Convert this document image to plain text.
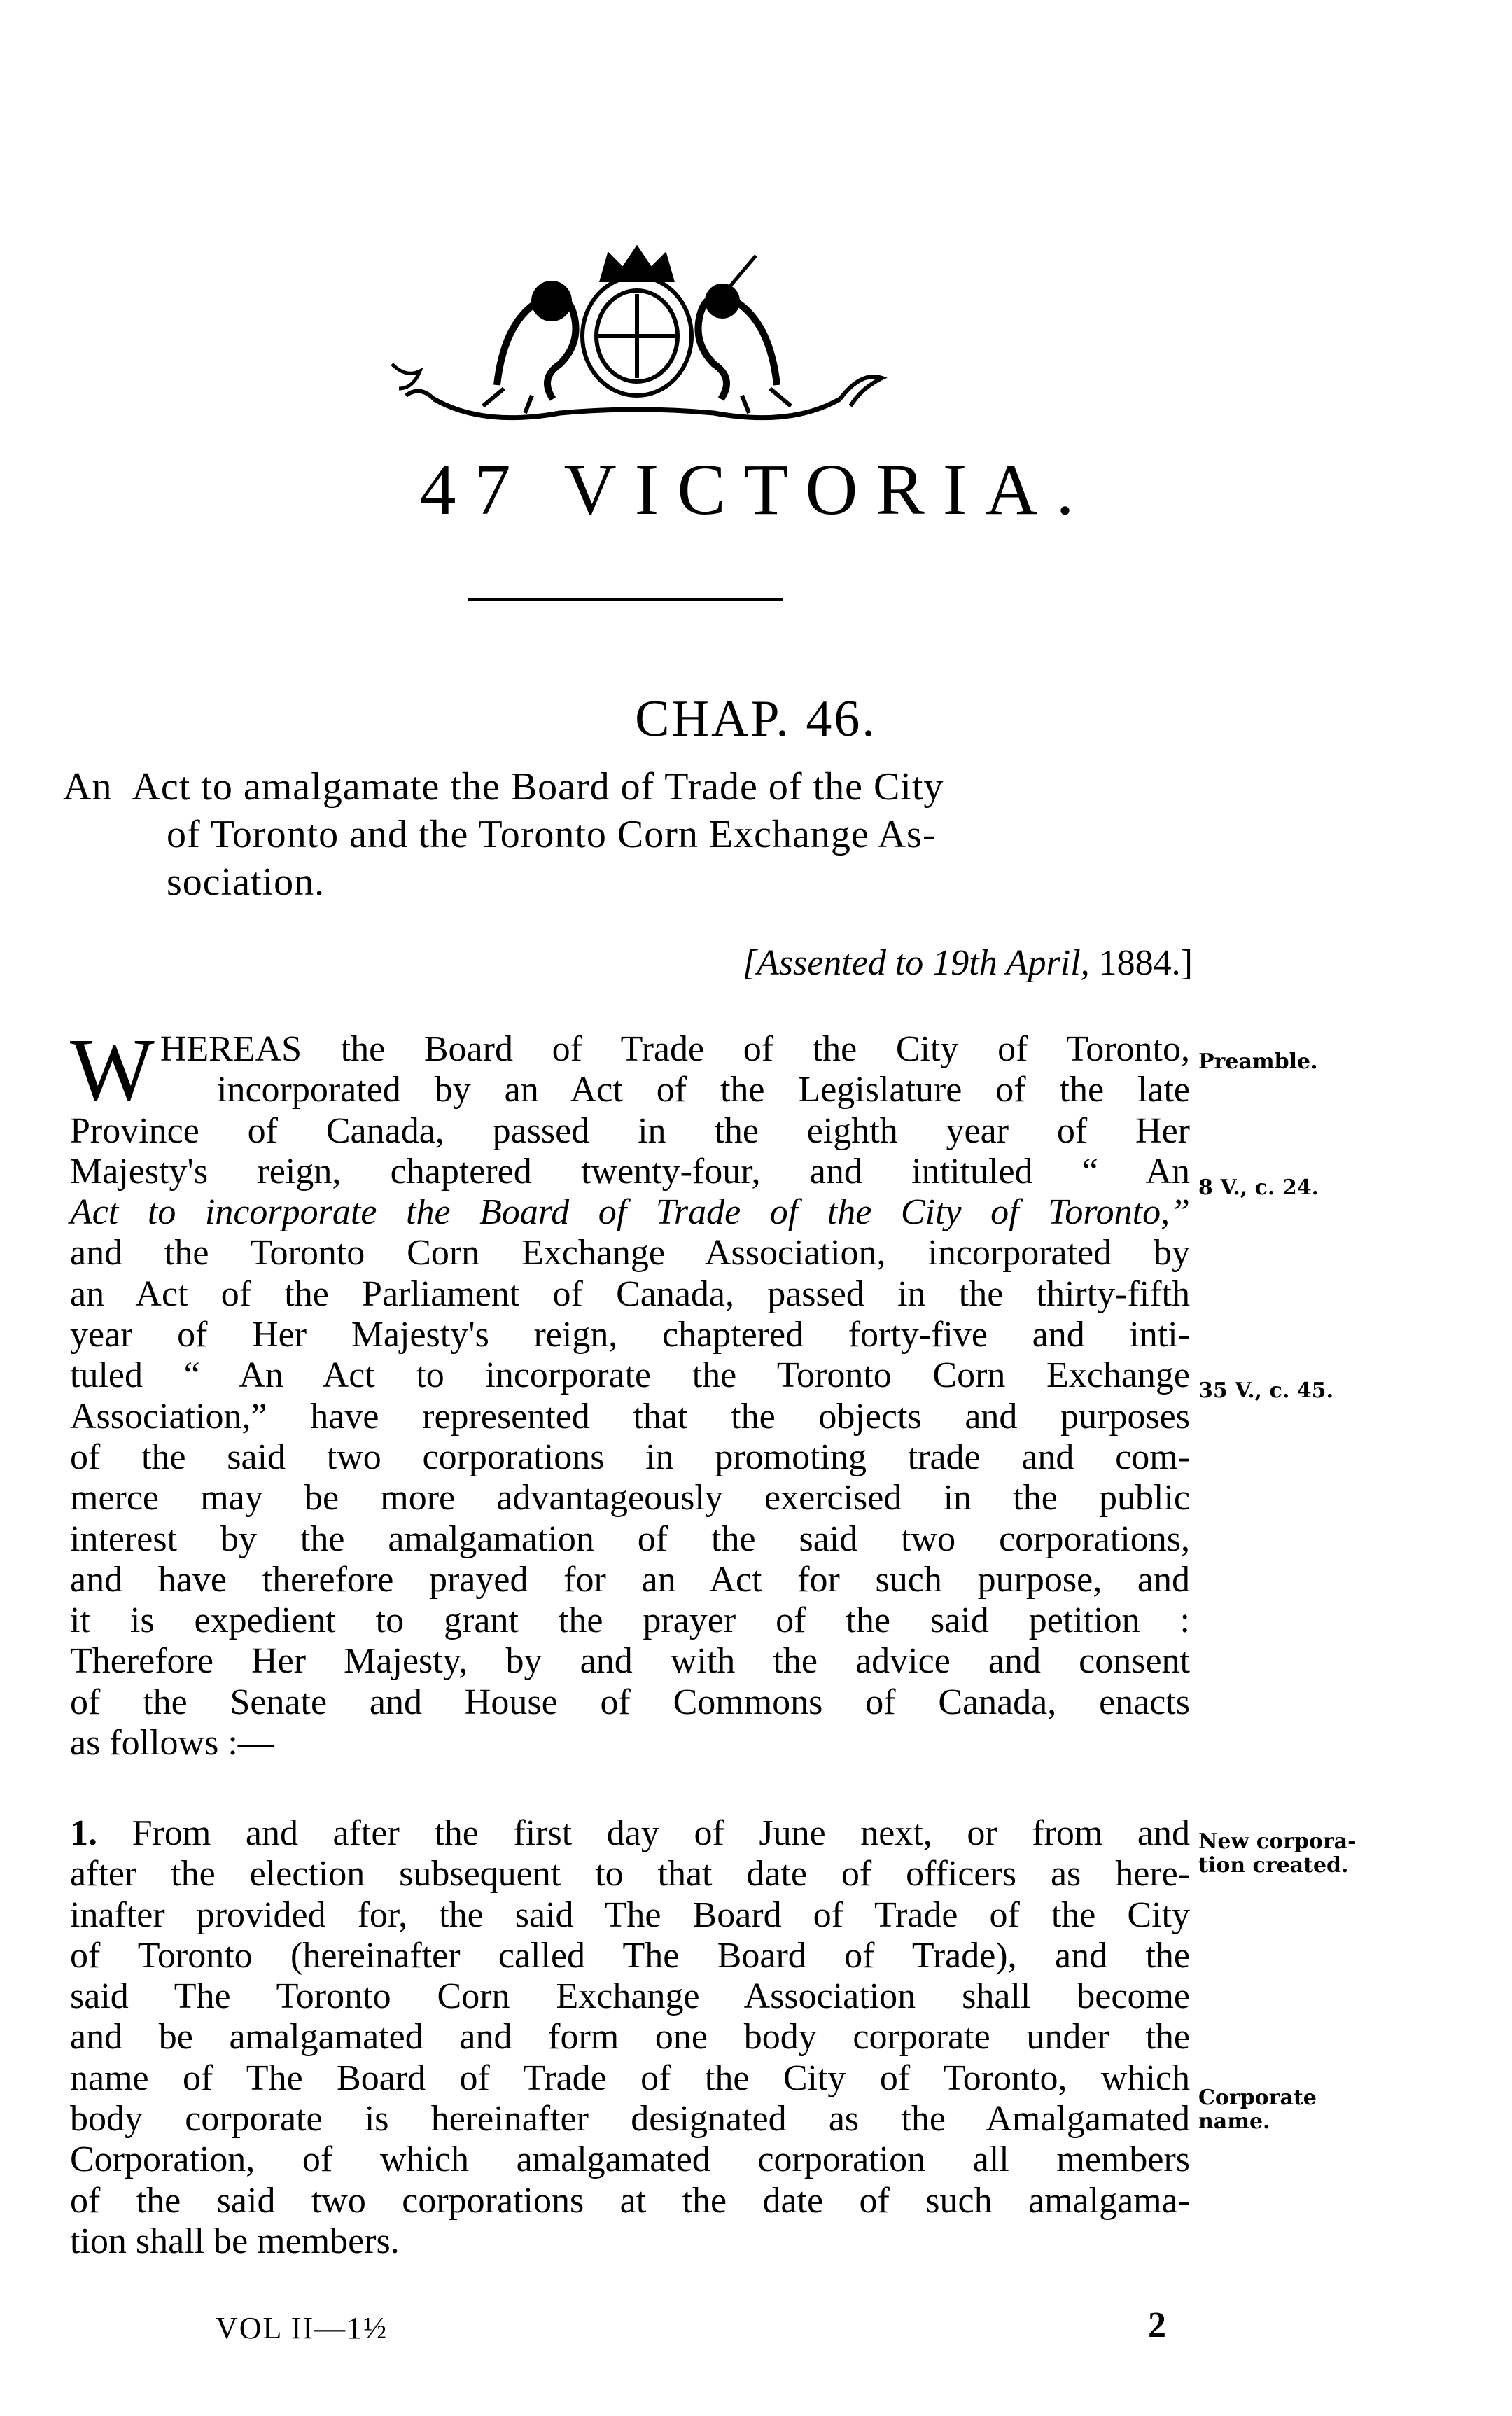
47 VICTORIA.
CHAP. 46.
An Act to amalgamate the Board of Trade of the City
of Toronto and the Toronto Corn Exchange As-
sociation.
[Assented to 19th April, 1884.]
W HEREAS the Board of Trade of the City of Toronto,
incorporated by an Act of the Legislature of the late
Province of Canada, passed in the eighth year of Her
Majesty's reign, chaptered twenty-four, and intituled “ An
Act to incorporate the Board of Trade of the City of Toronto,”
and the Toronto Corn Exchange Association, incorporated by
an Act of the Parliament of Canada, passed in the thirty-fifth
year of Her Majesty's reign, chaptered forty-five and inti-
tuled “ An Act to incorporate the Toronto Corn Exchange
Association,” have represented that the objects and purposes
of the said two corporations in promoting trade and com-
merce may be more advantageously exercised in the public
interest by the amalgamation of the said two corporations,
and have therefore prayed for an Act for such purpose, and
it is expedient to grant the prayer of the said petition :
Therefore Her Majesty, by and with the advice and consent
of the Senate and House of Commons of Canada, enacts
as follows :—
1. From and after the first day of June next, or from and
after the election subsequent to that date of officers as here-
inafter provided for, the said The Board of Trade of the City
of Toronto (hereinafter called The Board of Trade), and the
said The Toronto Corn Exchange Association shall become
and be amalgamated and form one body corporate under the
name of The Board of Trade of the City of Toronto, which
body corporate is hereinafter designated as the Amalgamated
Corporation, of which amalgamated corporation all members
of the said two corporations at the date of such amalgama-
tion shall be members.
Preamble.
8 V., c. 24.
35 V., c. 45.
New corpora-
tion created.
Corporate
name.
VOL II—1½	2
